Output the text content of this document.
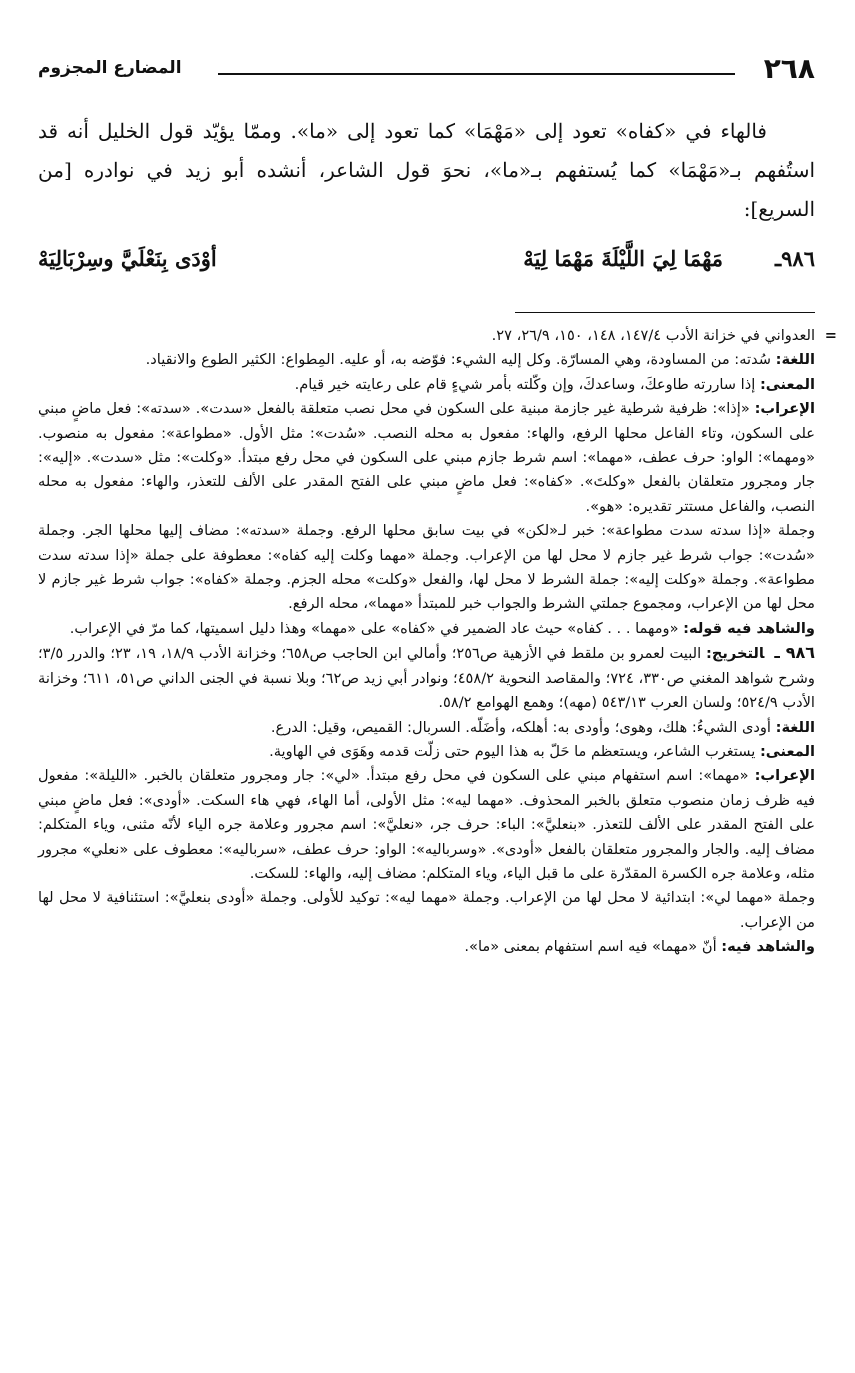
٢٦٨
المضارع المجزوم

فالهاء في «كفاه» تعود إلى «مَهْمَا» كما تعود إلى «ما». وممّا يؤيّد قول الخليل أنه قد استُفهم بـ«مَهْمَا» كما يُستفهم بـ«ما»، نحوَ قول الشاعر، أنشده أبو زيد في نوادره [من السريع]:

٩٨٦ـ
مَهْمَا لِيَ اللَّيْلَةَ مَهْمَا لِيَهْ
أوْدَى بِنَعْلَيَّ وسِرْبَالِيَهْ

=
العدواني في خزانة الأدب ١٤٧/٤، ١٤٨، ١٥٠، ٢٦/٩، ٢٧.

اللغة: سُدته: من المساودة، وهي المسارّة. وكل إليه الشيء: فوّضه به، أو عليه. المِطواع: الكثير الطوع والانقياد.

المعنى: إذا ساررته طاوعكَ، وساعدكَ، وإن وكّلته بأمر شيءٍ قام على رعايته خير قيام.

الإعراب: «إذا»: ظرفية شرطية غير جازمة مبنية على السكون في محل نصب متعلقة بالفعل «سدت». «سدته»: فعل ماضٍ مبني على السكون، وتاء الفاعل محلها الرفع، والهاء: مفعول به محله النصب. «سُدت»: مثل الأول. «مطواعة»: مفعول به منصوب. «ومهما»: الواو: حرف عطف، «مهما»: اسم شرط جازم مبني على السكون في محل رفع مبتدأ. «وكلت»: مثل «سدت». «إليه»: جار ومجرور متعلقان بالفعل «وكلتَ». «كفاه»: فعل ماضٍ مبني على الفتح المقدر على الألف للتعذر، والهاء: مفعول به محله النصب، والفاعل مستتر تقديره: «هو».

وجملة «إذا سدته سدت مطواعة»: خبر لـ«لكن» في بيت سابق محلها الرفع. وجملة «سدته»: مضاف إليها محلها الجر. وجملة «سُدت»: جواب شرط غير جازم لا محل لها من الإعراب. وجملة «مهما وكلت إليه كفاه»: معطوفة على جملة «إذا سدته سدت مطواعة». وجملة «وكلت إليه»: جملة الشرط لا محل لها، والفعل «وكلت» محله الجزم. وجملة «كفاه»: جواب شرط غير جازم لا محل لها من الإعراب، ومجموع جملتي الشرط والجواب خبر للمبتدأ «مهما»، محله الرفع.

والشاهد فيه قوله: «ومهما . . . كفاه» حيث عاد الضمير في «كفاه» على «مهما» وهذا دليل اسميتها، كما مرّ في الإعراب.

٩٨٦ ـالتخريج: البيت لعمرو بن ملقط في الأزهية ص٢٥٦؛ وأمالي ابن الحاجب ص٦٥٨؛ وخزانة الأدب ١٨/٩، ١٩، ٢٣؛ والدرر ٣/٥؛ وشرح شواهد المغني ص٣٣٠، ٧٢٤؛ والمقاصد النحوية ٤٥٨/٢؛ ونوادر أبي زيد ص٦٢؛ وبلا نسبة في الجنى الداني ص٥١، ٦١١؛ وخزانة الأدب ٥٢٤/٩؛ ولسان العرب ٥٤٣/١٣ (مهه)؛ وهمع الهوامع ٥٨/٢.

اللغة: أودى الشيءُ: هلك، وهوى؛ وأودى به: أهلكه، وأضَلّه. السربال: القميص، وقيل: الدرع.

المعنى: يستغرب الشاعر، ويستعظم ما حَلّ به هذا اليوم حتى زلّت قدمه وهَوَى في الهاوية.

الإعراب: «مهما»: اسم استفهام مبني على السكون في محل رفع مبتدأ. «لي»: جار ومجرور متعلقان بالخبر. «الليلة»: مفعول فيه ظرف زمان منصوب متعلق بالخبر المحذوف. «مهما ليه»: مثل الأولى، أما الهاء، فهي هاء السكت. «أودى»: فعل ماضٍ مبني على الفتح المقدر على الألف للتعذر. «بنعليَّ»: الباء: حرف جر، «نعليَّ»: اسم مجرور وعلامة جره الياء لأنّه مثنى، وياء المتكلم: مضاف إليه. والجار والمجرور متعلقان بالفعل «أودى». «وسرباليه»: الواو: حرف عطف، «سرباليه»: معطوف على «نعلي» مجرور مثله، وعلامة جره الكسرة المقدّرة على ما قبل الياء، وياء المتكلم: مضاف إليه، والهاء: للسكت.

وجملة «مهما لي»: ابتدائية لا محل لها من الإعراب. وجملة «مهما ليه»: توكيد للأولى. وجملة «أودى بنعليَّ»: استئنافية لا محل لها من الإعراب.

والشاهد فيه: أنّ «مهما» فيه اسم استفهام بمعنى «ما».
